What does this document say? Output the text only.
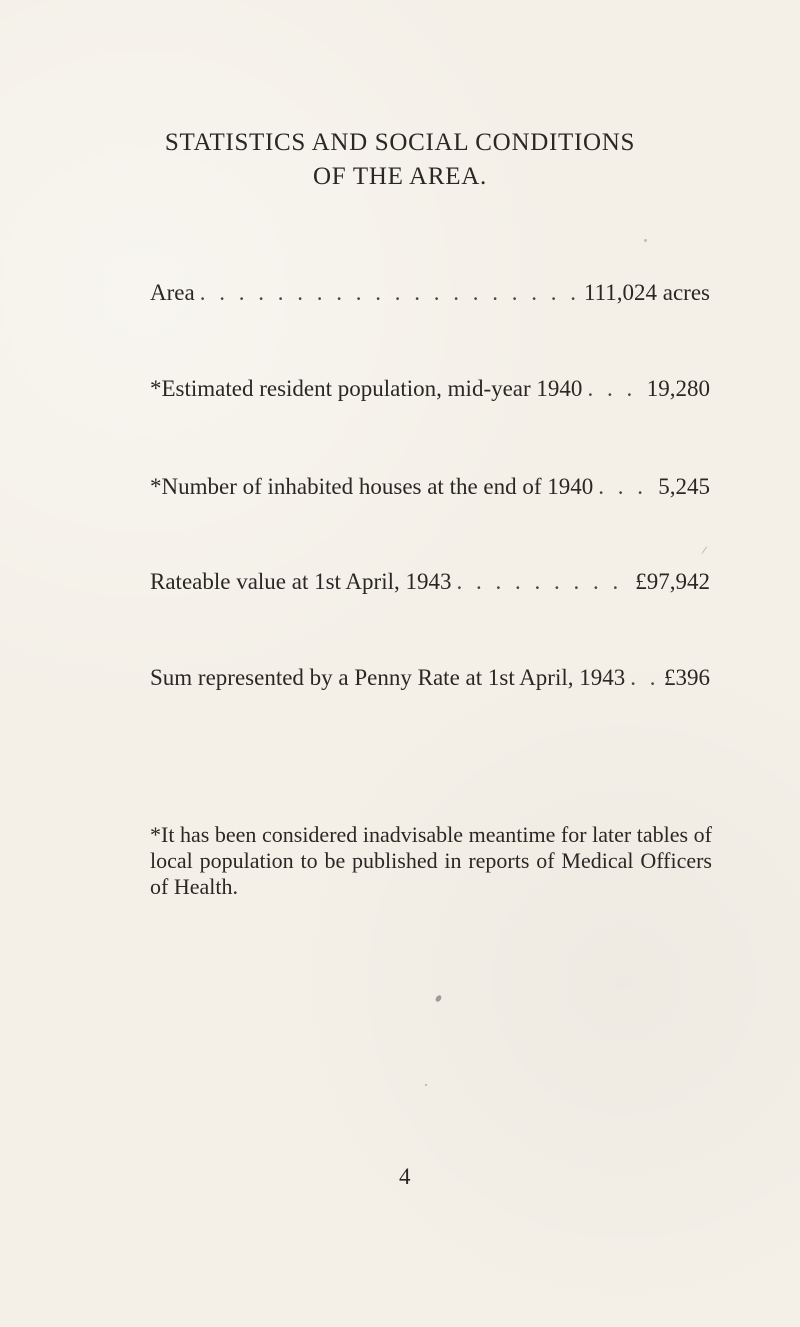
STATISTICS AND SOCIAL CONDITIONS
OF THE AREA.
Area . . .	111,024 acres
*Estimated resident population, mid-year 1940 . . .	19,280
*Number of inhabited houses at the end of 1940 . . .	5,245
Rateable value at 1st April, 1943 . . .	£97,942
Sum represented by a Penny Rate at 1st April, 1943 . . . £396

*It has been considered inadvisable meantime for later tables of local population to be published in reports of Medical Officers of Health.

4
